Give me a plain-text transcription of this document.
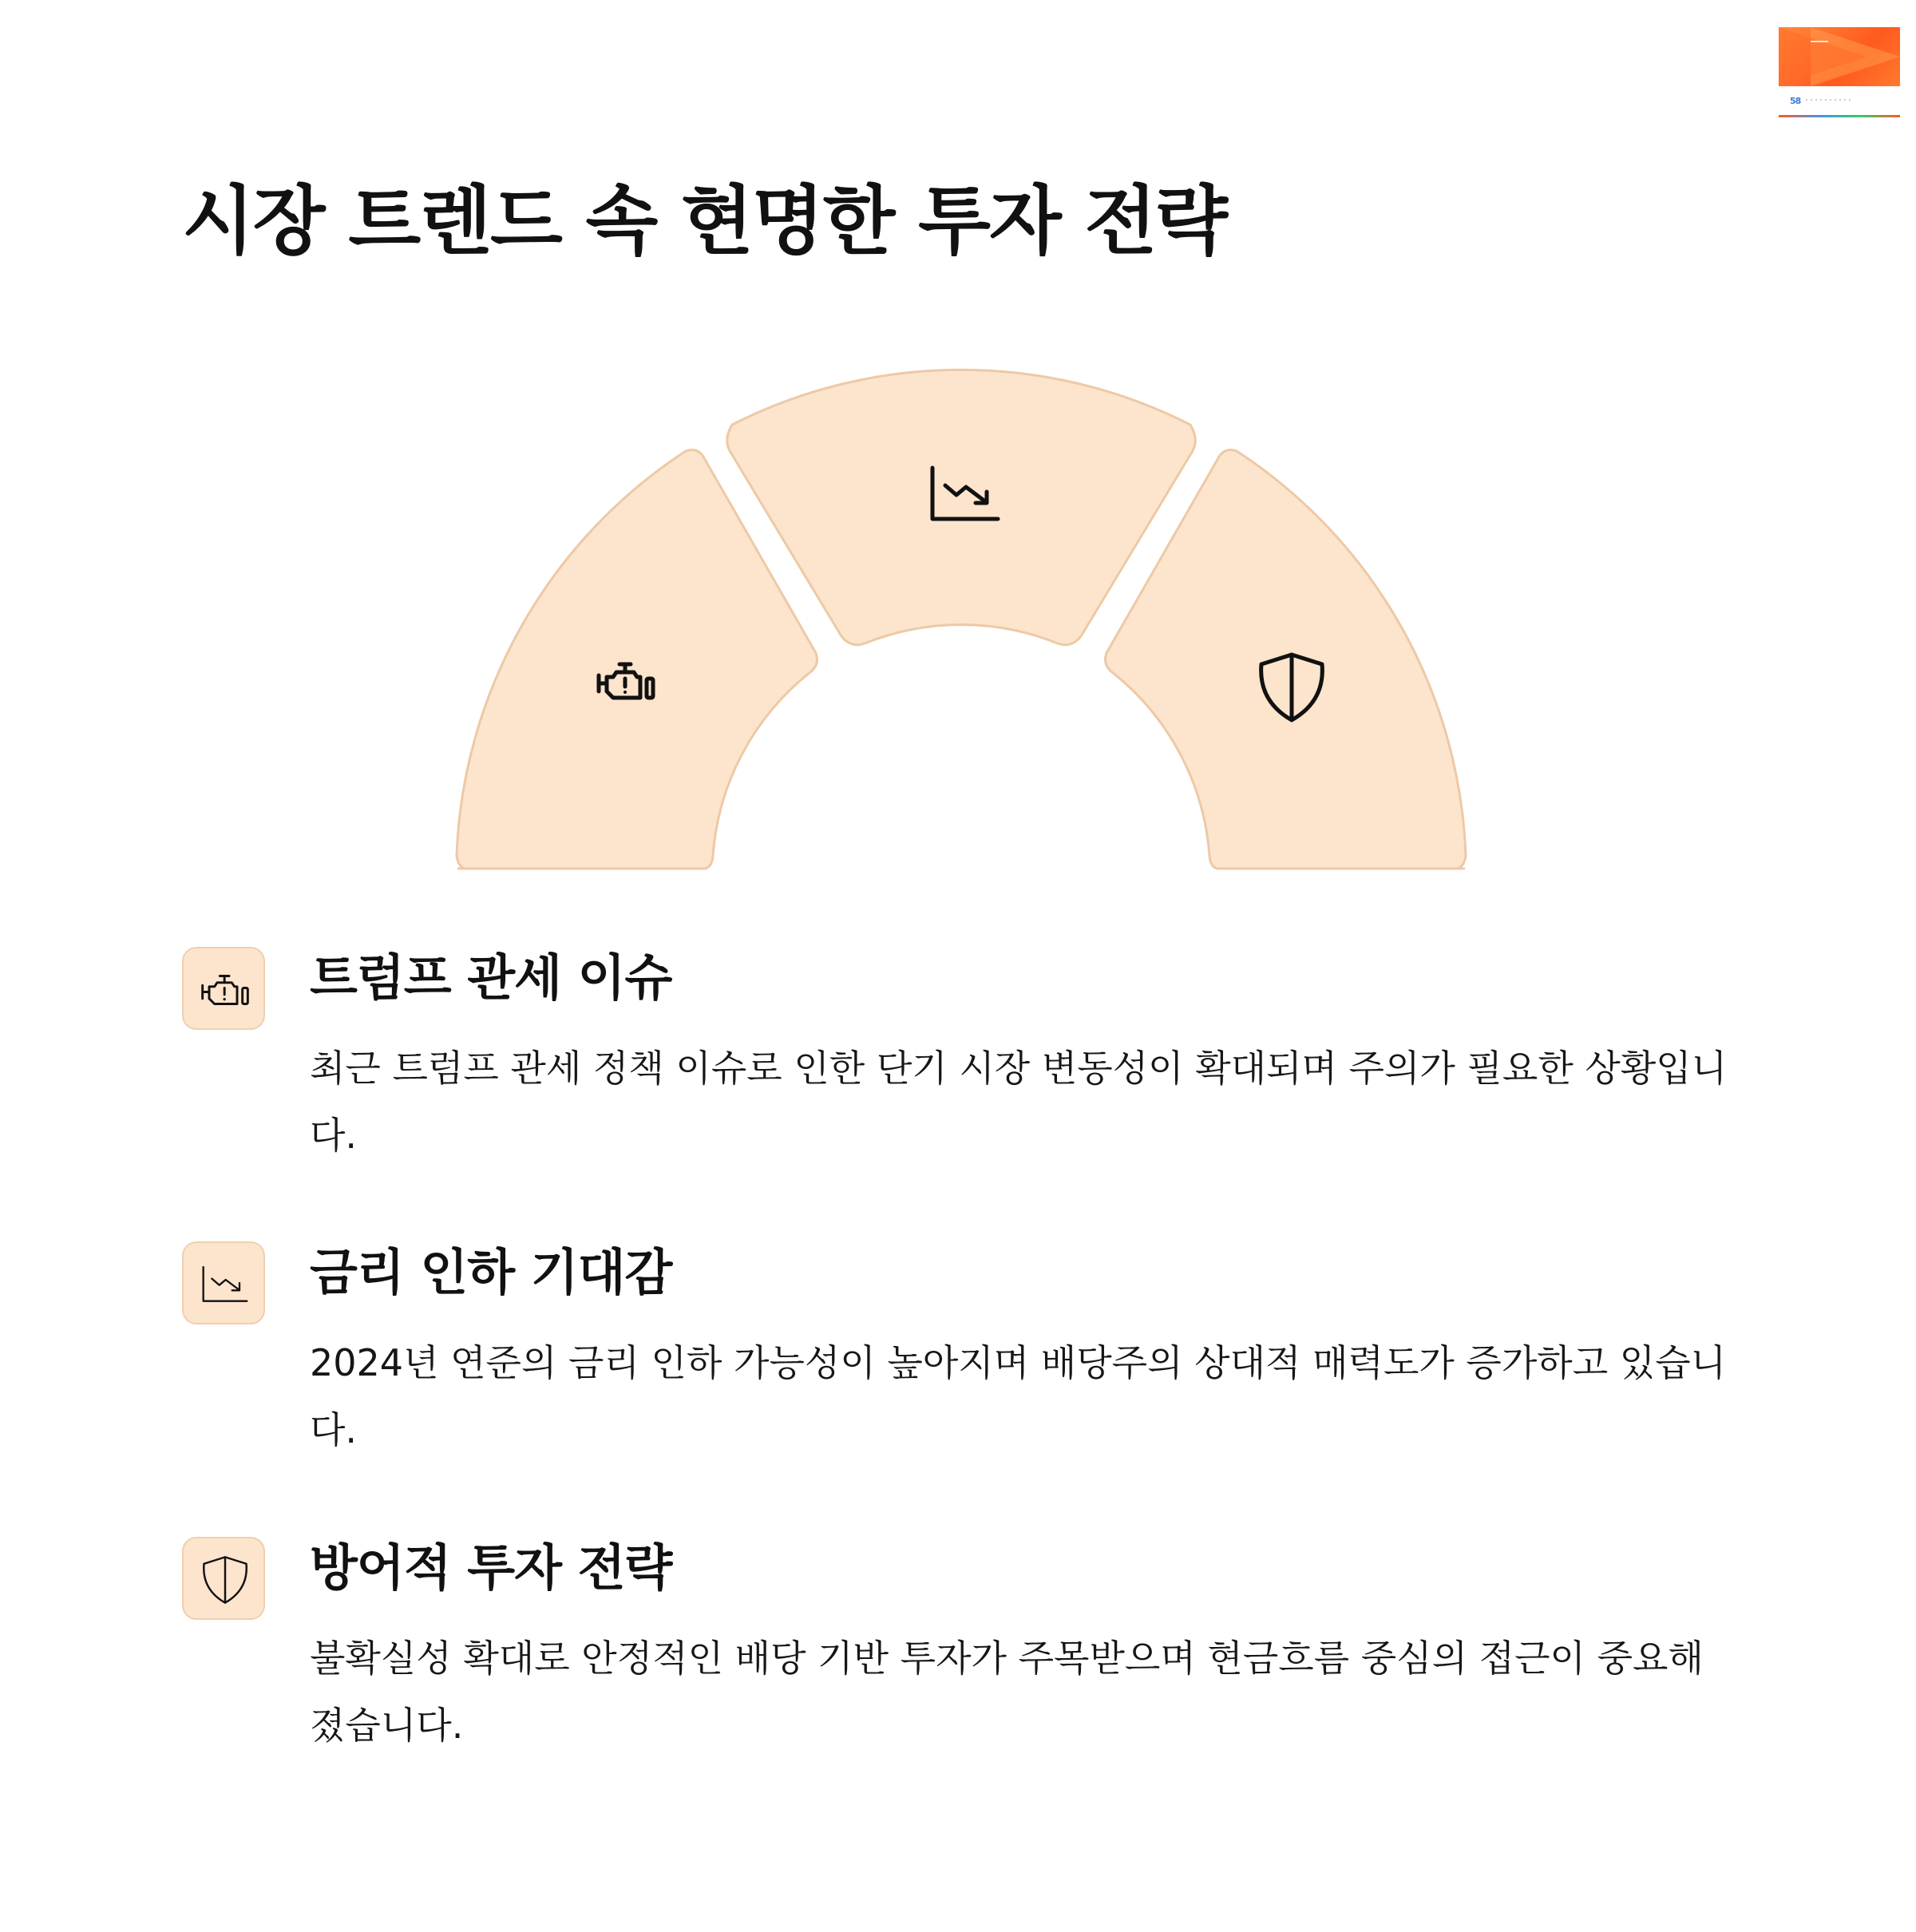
58
시장 트렌드 속 현명한 투자 전략
트럼프 관세 이슈

최근 트럼프 관세 정책 이슈로 인한 단기 시장 변동성이 확대되며 주의가 필요한 상황입니다.

금리 인하 기대감

2024년 연준의 금리 인하 가능성이 높아지며 배당주의 상대적 매력도가 증가하고 있습니다.

방어적 투자 전략

불확실성 확대로 안정적인 배당 기반 투자가 주목받으며 현금흐름 중심의 접근이 중요해졌습니다.
